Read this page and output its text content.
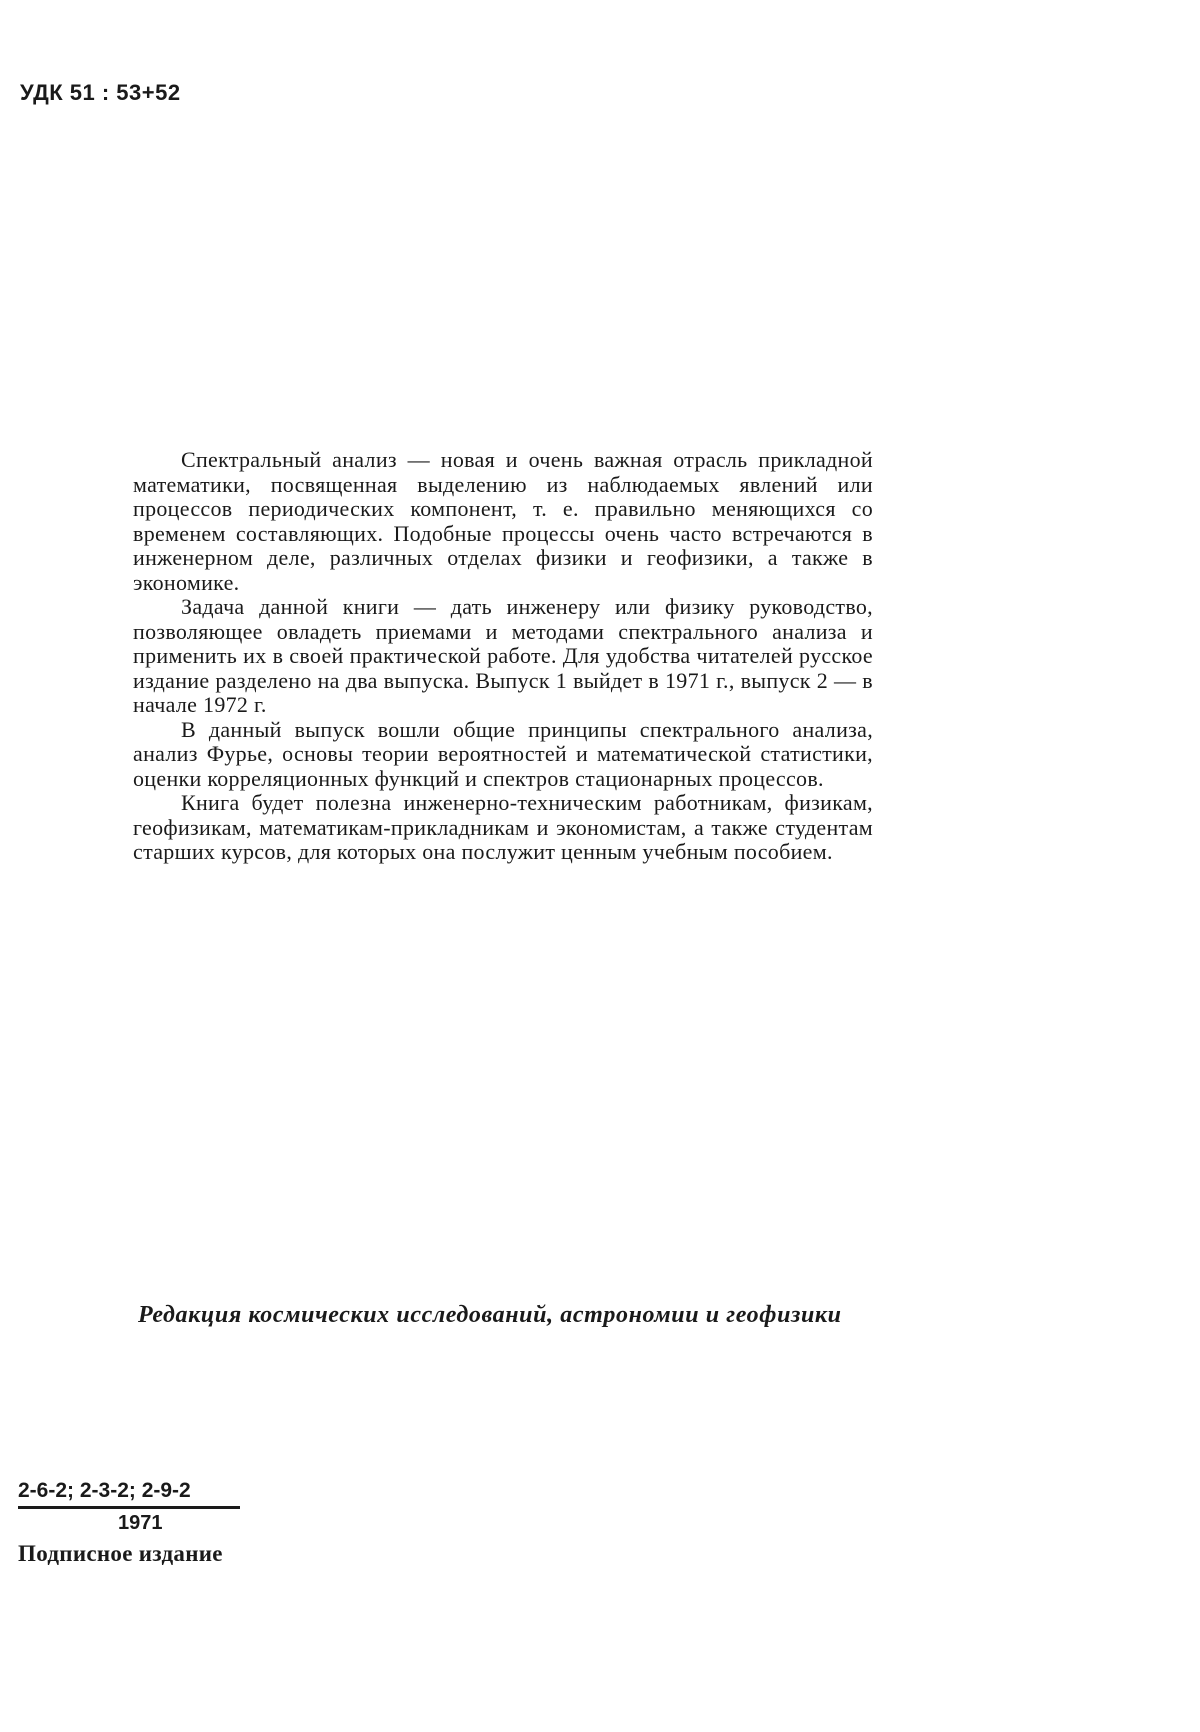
УДК 51 : 53+52

Спектральный анализ — новая и очень важная отрасль прикладной математики, посвященная выделению из наблюдаемых явлений или процессов периодических компонент, т. е. правильно меняющихся со временем составляющих. Подобные процессы очень часто встречаются в инженерном деле, различных отделах физики и геофизики, а также в экономике.

Задача данной книги — дать инженеру или физику руководство, позволяющее овладеть приемами и методами спектрального анализа и применить их в своей практической работе. Для удобства читателей русское издание разделено на два выпуска. Выпуск 1 выйдет в 1971 г., выпуск 2 — в начале 1972 г.

В данный выпуск вошли общие принципы спектрального анализа, анализ Фурье, основы теории вероятностей и математической статистики, оценки корреляционных функций и спектров стационарных процессов.

Книга будет полезна инженерно-техническим работникам, физикам, геофизикам, математикам-прикладникам и экономистам, а также студентам старших курсов, для которых она послужит ценным учебным пособием.

Редакция космических исследований, астрономии и геофизики
2-6-2; 2-3-2; 2-9-2
1971
Подписное издание
